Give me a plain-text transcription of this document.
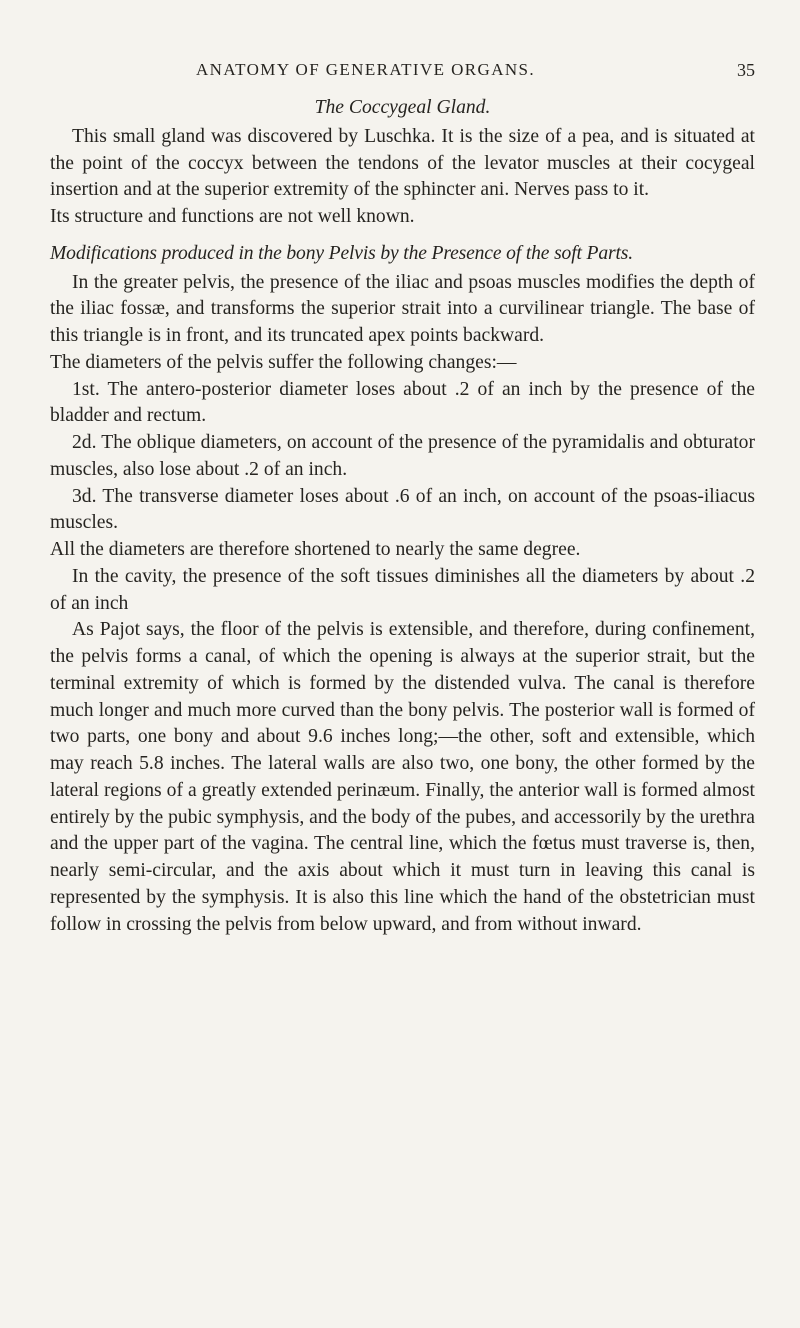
ANATOMY OF GENERATIVE ORGANS.	35
The Coccygeal Gland.

This small gland was discovered by Luschka. It is the size of a pea, and is situated at the point of the coccyx between the tendons of the levator muscles at their cocygeal insertion and at the superior extremity of the sphincter ani. Nerves pass to it.

Its structure and functions are not well known.

Modifications produced in the bony Pelvis by the Presence of the soft Parts.

In the greater pelvis, the presence of the iliac and psoas muscles modifies the depth of the iliac fossæ, and transforms the superior strait into a curvilinear triangle. The base of this triangle is in front, and its truncated apex points backward.

The diameters of the pelvis suffer the following changes:—

1st. The antero-posterior diameter loses about .2 of an inch by the presence of the bladder and rectum.

2d. The oblique diameters, on account of the presence of the pyramidalis and obturator muscles, also lose about .2 of an inch.

3d. The transverse diameter loses about .6 of an inch, on account of the psoas-iliacus muscles.

All the diameters are therefore shortened to nearly the same degree.

In the cavity, the presence of the soft tissues diminishes all the diameters by about .2 of an inch

As Pajot says, the floor of the pelvis is extensible, and therefore, during confinement, the pelvis forms a canal, of which the opening is always at the superior strait, but the terminal extremity of which is formed by the distended vulva. The canal is therefore much longer and much more curved than the bony pelvis. The posterior wall is formed of two parts, one bony and about 9.6 inches long;—the other, soft and extensible, which may reach 5.8 inches. The lateral walls are also two, one bony, the other formed by the lateral regions of a greatly extended perinæum. Finally, the anterior wall is formed almost entirely by the pubic symphysis, and the body of the pubes, and accessorily by the urethra and the upper part of the vagina. The central line, which the fœtus must traverse is, then, nearly semi-circular, and the axis about which it must turn in leaving this canal is represented by the symphysis. It is also this line which the hand of the obstetrician must follow in crossing the pelvis from below upward, and from without inward.
